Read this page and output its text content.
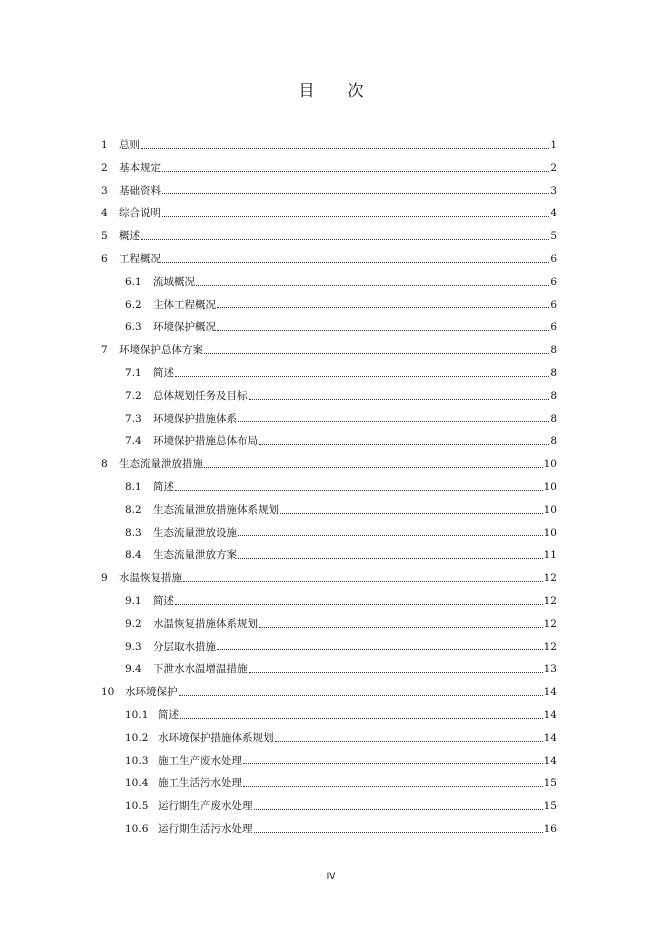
目 次
1	总则	1
2	基本规定	2
3	基础资料	3
4	综合说明	4
5	概述	5
6	工程概况	6
6.1	流域概况	6
6.2	主体工程概况	6
6.3	环境保护概况	6
7	环境保护总体方案	8
7.1	简述	8
7.2	总体规划任务及目标	8
7.3	环境保护措施体系	8
7.4	环境保护措施总体布局	8
8	生态流量泄放措施	10
8.1	简述	10
8.2	生态流量泄放措施体系规划	10
8.3	生态流量泄放设施	10
8.4	生态流量泄放方案	11
9	水温恢复措施	12
9.1	简述	12
9.2	水温恢复措施体系规划	12
9.3	分层取水措施	12
9.4	下泄水水温增温措施	13
10	水环境保护	14
10.1 简述	14
10.2 水环境保护措施体系规划	14
10.3 施工生产废水处理	14
10.4 施工生活污水处理	15
10.5 运行期生产废水处理	15
10.6 运行期生活污水处理	16
IV
